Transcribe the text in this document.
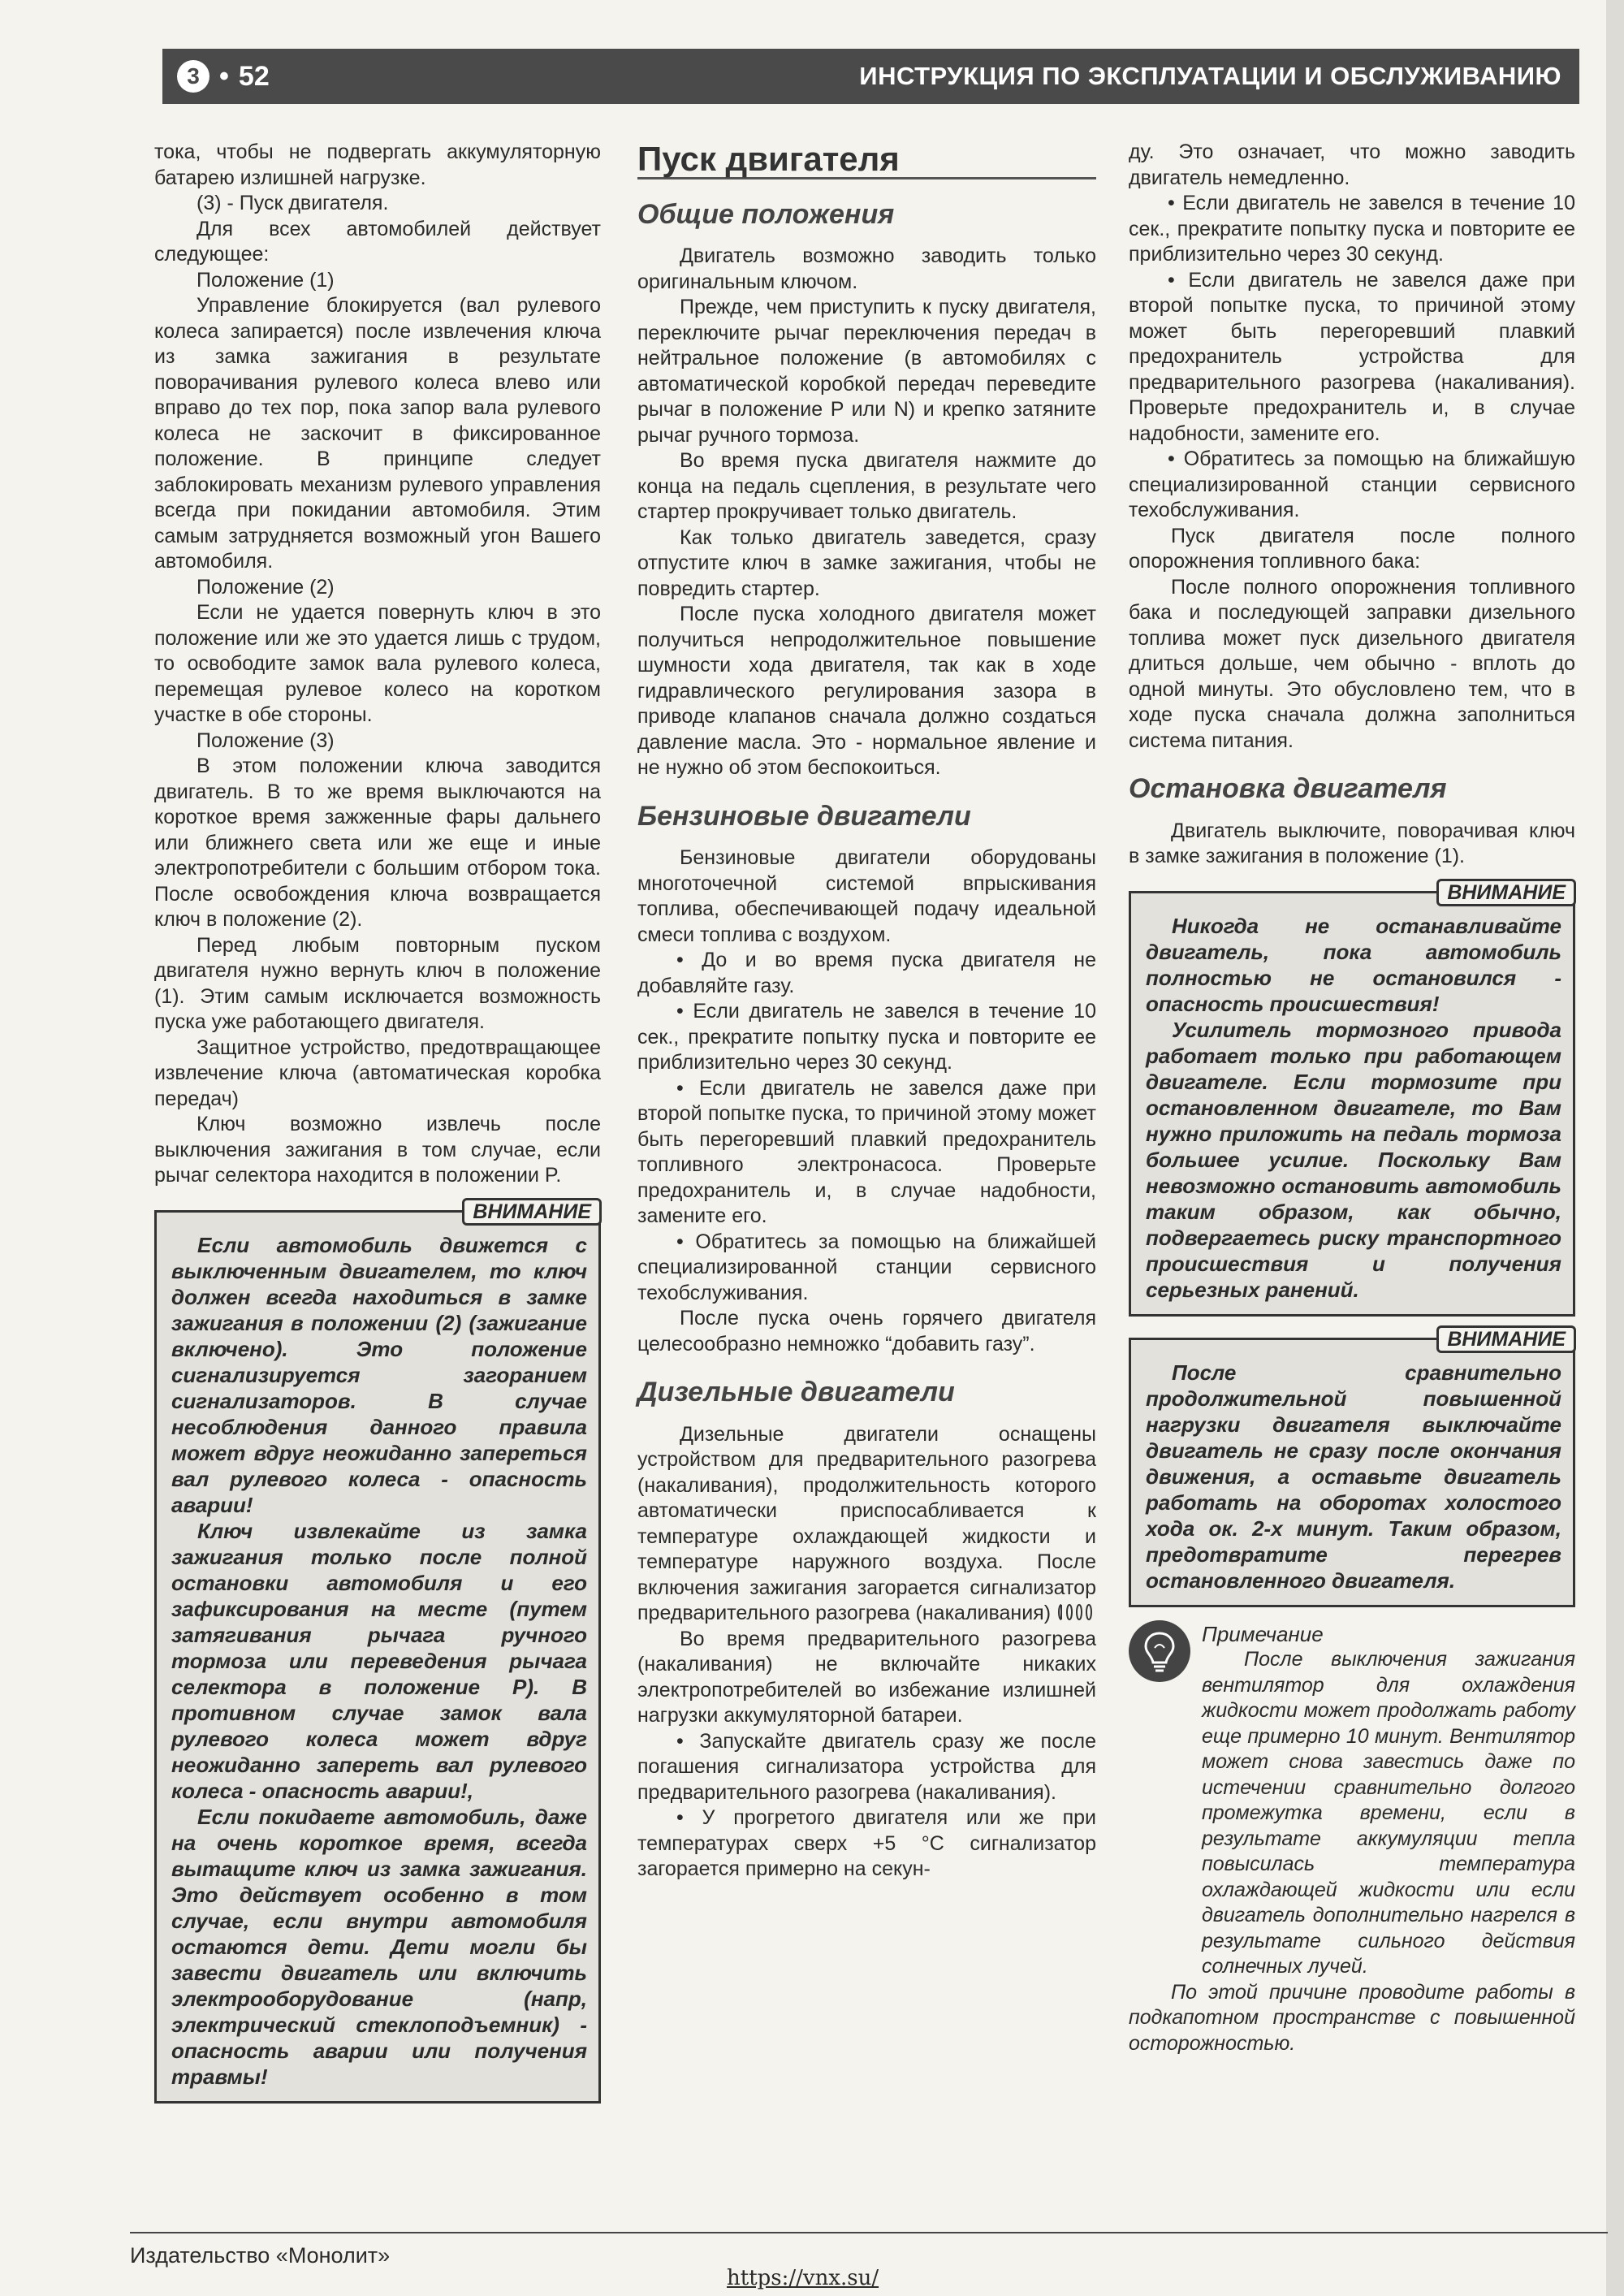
3 • 52	ИНСТРУКЦИЯ ПО ЭКСПЛУАТАЦИИ И ОБСЛУЖИВАНИЮ

тока, чтобы не подвергать аккумуляторную батарею излишней нагрузке.

(3) - Пуск двигателя.

Для всех автомобилей действует следующее:

Положение (1)

Управление блокируется (вал рулевого колеса запирается) после извлечения ключа из замка зажигания в результате поворачивания рулевого колеса влево или вправо до тех пор, пока запор вала рулевого колеса не заскочит в фиксированное положение. В принципе следует заблокировать механизм рулевого управления всегда при покидании автомобиля. Этим самым затрудняется возможный угон Вашего автомобиля.

Положение (2)

Если не удается повернуть ключ в это положение или же это удается лишь с трудом, то освободите замок вала рулевого колеса, перемещая рулевое колесо на коротком участке в обе стороны.

Положение (3)

В этом положении ключа заводится двигатель. В то же время выключаются на короткое время зажженные фары дальнего или ближнего света или же еще и иные электропотребители с большим отбором тока. После освобождения ключа возвращается ключ в положение (2).

Перед любым повторным пуском двигателя нужно вернуть ключ в положение (1). Этим самым исключается возможность пуска уже работающего двигателя.

Защитное устройство, предотвращающее извлечение ключа (автоматическая коробка передач)

Ключ возможно извлечь после выключения зажигания в том случае, если рычаг селектора находится в положении P.

ВНИМАНИЕ

Если автомобиль движется с выключенным двигателем, то ключ должен всегда находиться в замке зажигания в положении (2) (зажигание включено). Это положение сигнализируется загоранием сигнализаторов. В случае несоблюдения данного правила может вдруг неожиданно запереться вал рулевого колеса - опасность аварии!

Ключ извлекайте из замка зажигания только после полной остановки автомобиля и его зафиксирования на месте (путем затягивания рычага ручного тормоза или переведения рычага селектора в положение P). В противном случае замок вала рулевого колеса может вдруг неожиданно запереть вал рулевого колеса - опасность аварии!,

Если покидаете автомобиль, даже на очень короткое время, всегда вытащите ключ из замка зажигания. Это действует особенно в том случае, если внутри автомобиля остаются дети. Дети могли бы завести двигатель или включить электрооборудование (напр, электрический стеклоподъемник) - опасность аварии или получения травмы!

Пуск двигателя
Общие положения

Двигатель возможно заводить только оригинальным ключом.

Прежде, чем приступить к пуску двигателя, переключите рычаг переключения передач в нейтральное положение (в автомобилях с автоматической коробкой передач переведите рычаг в положение P или N) и крепко затяните рычаг ручного тормоза.

Во время пуска двигателя нажмите до конца на педаль сцепления, в результате чего стартер прокручивает только двигатель.

Как только двигатель заведется, сразу отпустите ключ в замке зажигания, чтобы не повредить стартер.

После пуска холодного двигателя может получиться непродолжительное повышение шумности хода двигателя, так как в ходе гидравлического регулирования зазора в приводе клапанов сначала должно создаться давление масла. Это - нормальное явление и не нужно об этом беспокоиться.

Бензиновые двигатели

Бензиновые двигатели оборудованы многоточечной системой впрыскивания топлива, обеспечивающей подачу идеальной смеси топлива с воздухом.

• До и во время пуска двигателя не добавляйте газу.

• Если двигатель не завелся в течение 10 сек., прекратите попытку пуска и повторите ее приблизительно через 30 секунд.

• Если двигатель не завелся даже при второй попытке пуска, то причиной этому может быть перегоревший плавкий предохранитель топливного электронасоса. Проверьте предохранитель и, в случае надобности, замените его.

• Обратитесь за помощью на ближайшей специализированной станции сервисного техобслуживания.

После пуска очень горячего двигателя целесообразно немножко “добавить газу”.

Дизельные двигатели

Дизельные двигатели оснащены устройством для предварительного разогрева (накаливания), продолжительность которого автоматически приспосабливается к температуре охлаждающей жидкости и температуре наружного воздуха. После включения зажигания загорается сигнализатор предварительного разогрева (накаливания)

Во время предварительного разогрева (накаливания) не включайте никаких электропотребителей во избежание излишней нагрузки аккумуляторной батареи.

• Запускайте двигатель сразу же после погашения сигнализатора устройства для предварительного разогрева (накаливания).

• У прогретого двигателя или же при температурах сверх +5 °С сигнализатор загорается примерно на секун-

ду. Это означает, что можно заводить двигатель немедленно.

• Если двигатель не завелся в течение 10 сек., прекратите попытку пуска и повторите ее приблизительно через 30 секунд.

• Если двигатель не завелся даже при второй попытке пуска, то причиной этому может быть перегоревший плавкий предохранитель устройства для предварительного разогрева (накаливания). Проверьте предохранитель и, в случае надобности, замените его.

• Обратитесь за помощью на ближайшую специализированной станции сервисного техобслуживания.

Пуск двигателя после полного опорожнения топливного бака:

После полного опорожнения топливного бака и последующей заправки дизельного топлива может пуск дизельного двигателя длиться дольше, чем обычно - вплоть до одной минуты. Это обусловлено тем, что в ходе пуска сначала должна заполниться система питания.

Остановка двигателя

Двигатель выключите, поворачивая ключ в замке зажигания в положение (1).

ВНИМАНИЕ

Никогда не останавливайте двигатель, пока автомобиль полностью не остановился - опасность происшествия!

Усилитель тормозного привода работает только при работающем двигателе. Если тормозите при остановленном двигателе, то Вам нужно приложить на педаль тормоза большее усилие. Поскольку Вам невозможно остановить автомобиль таким образом, как обычно, подвергаетесь риску транспортного происшествия и получения серьезных ранений.

ВНИМАНИЕ

После сравнительно продолжительной повышенной нагрузки двигателя выключайте двигатель не сразу после окончания движения, а оставьте двигатель работать на оборотах холостого хода ок. 2-х минут. Таким образом, предотвратите перегрев остановленного двигателя.

Примечание

После выключения зажигания вентилятор для охлаждения жидкости может продолжать работу еще примерно 10 минут. Вентилятор может снова завестись даже по истечении сравнительно долгого промежутка времени, если в результате аккумуляции тепла повысилась температура охлаждающей жидкости или если двигатель дополнительно нагрелся в результате сильного действия солнечных лучей.

По этой причине проводите работы в подкапотном пространстве с повышенной осторожностью.

Издательство «Монолит»
https://vnx.su/
